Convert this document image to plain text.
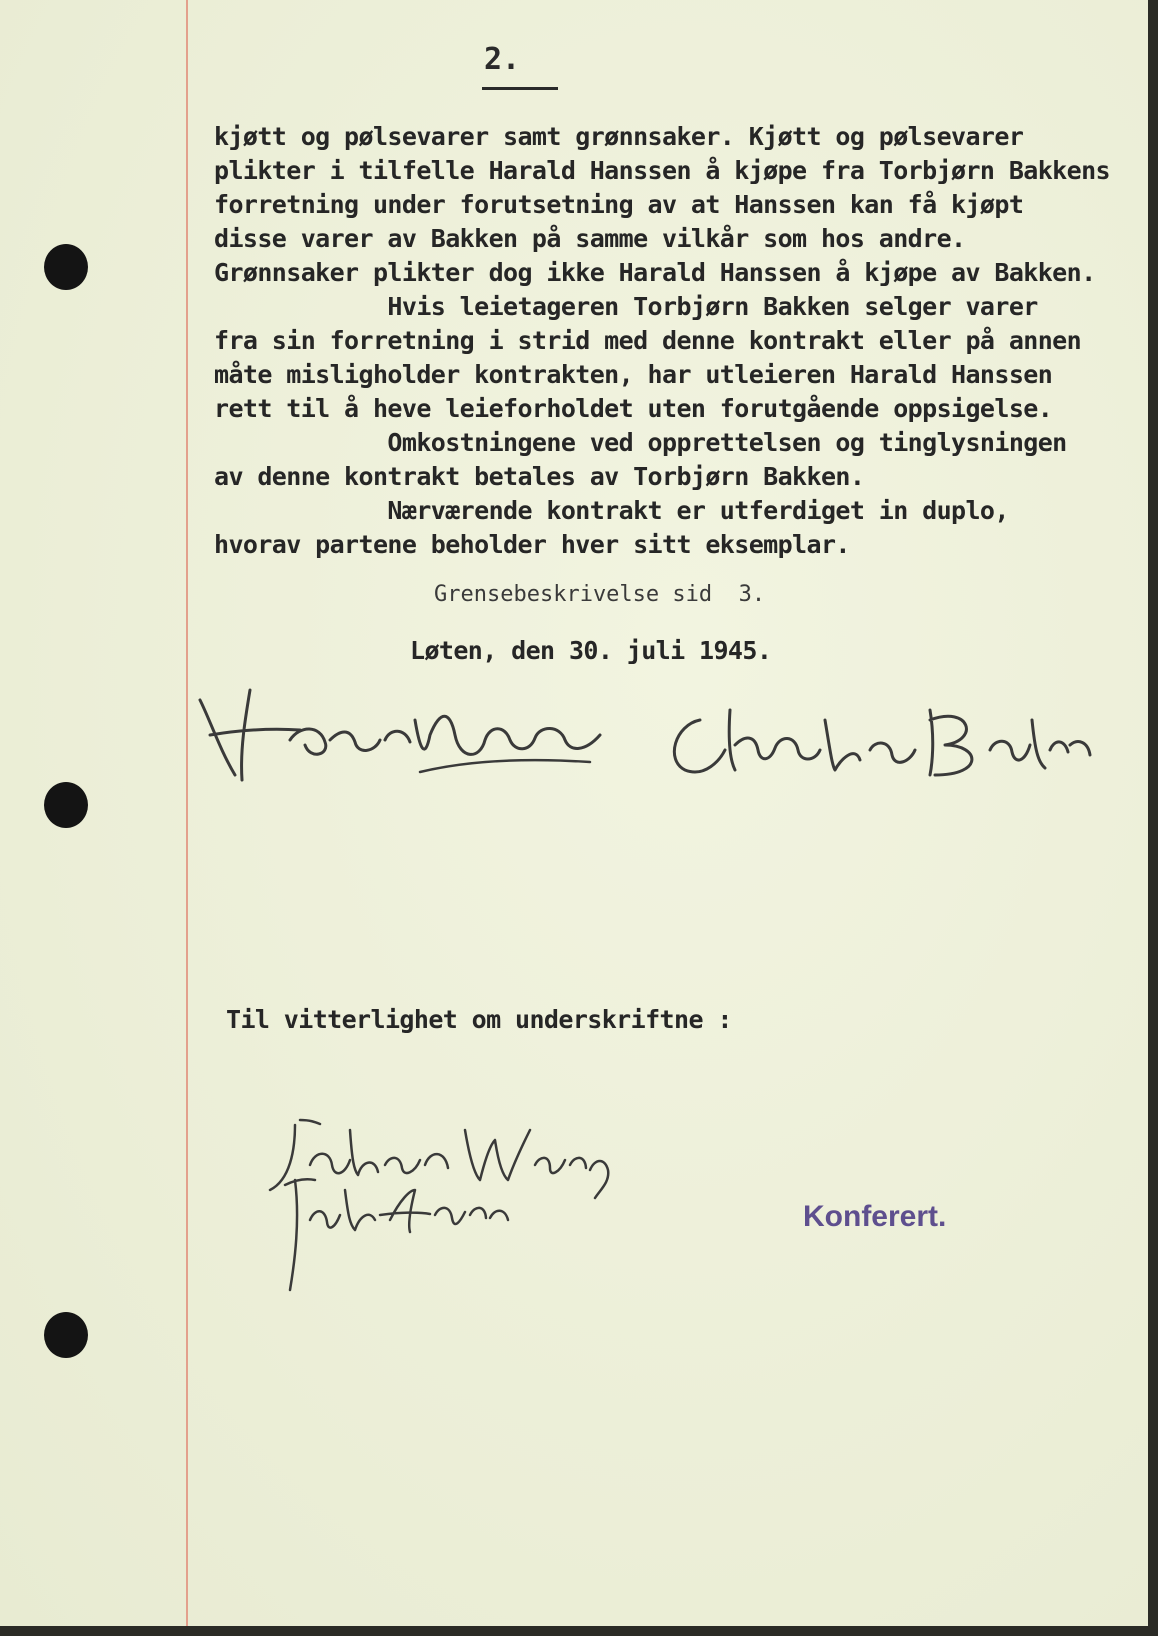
2.

kjøtt og pølsevarer samt grønnsaker. Kjøtt og pølsevarer

plikter i tilfelle Harald Hanssen å kjøpe fra Torbjørn Bakkens

forretning under forutsetning av at Hanssen kan få kjøpt

disse varer av Bakken på samme vilkår som hos andre.

Grønnsaker plikter dog ikke Harald Hanssen å kjøpe av Bakken.

Hvis leietageren Torbjørn Bakken selger varer

fra sin forretning i strid med denne kontrakt eller på annen

måte misligholder kontrakten, har utleieren Harald Hanssen

rett til å heve leieforholdet uten forutgående oppsigelse.

Omkostningene ved opprettelsen og tinglysningen

av denne kontrakt betales av Torbjørn Bakken.

Nærværende kontrakt er utferdiget in duplo,

hvorav partene beholder hver sitt eksemplar.

Grensebeskrivelse sid  3.

Løten, den 30. juli 1945.

Til vitterlighet om underskriftne :

Konferert.
